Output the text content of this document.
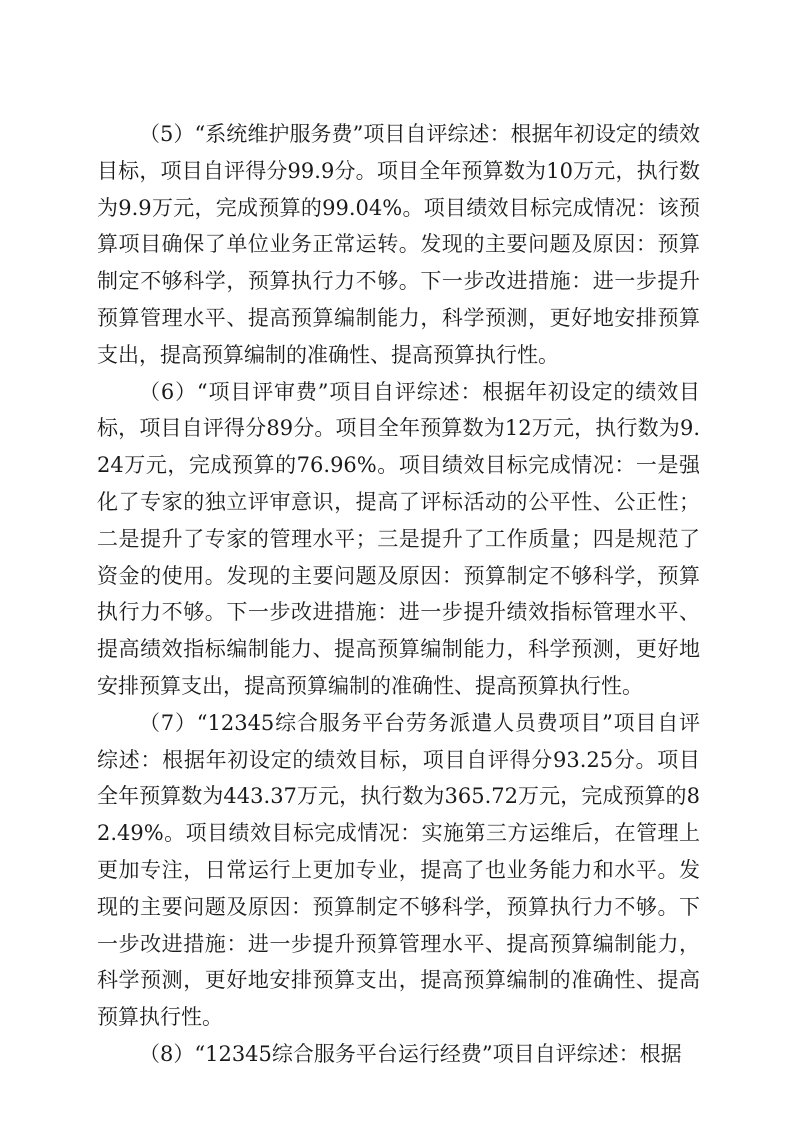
（5）“系统维护服务费”项目自评综述：根据年初设定的绩效目标，项目自评得分99.9分。项目全年预算数为10万元，执行数为9.9万元，完成预算的99.04%。项目绩效目标完成情况：该预算项目确保了单位业务正常运转。发现的主要问题及原因：预算制定不够科学，预算执行力不够。下一步改进措施：进一步提升预算管理水平、提高预算编制能力，科学预测，更好地安排预算支出，提高预算编制的准确性、提高预算执行性。

（6）“项目评审费”项目自评综述：根据年初设定的绩效目标，项目自评得分89分。项目全年预算数为12万元，执行数为9.24万元，完成预算的76.96%。项目绩效目标完成情况：一是强化了专家的独立评审意识，提高了评标活动的公平性、公正性；二是提升了专家的管理水平；三是提升了工作质量；四是规范了资金的使用。发现的主要问题及原因：预算制定不够科学，预算执行力不够。下一步改进措施：进一步提升绩效指标管理水平、提高绩效指标编制能力、提高预算编制能力，科学预测，更好地安排预算支出，提高预算编制的准确性、提高预算执行性。

（7）“12345综合服务平台劳务派遣人员费项目”项目自评综述：根据年初设定的绩效目标，项目自评得分93.25分。项目全年预算数为443.37万元，执行数为365.72万元，完成预算的82.49%。项目绩效目标完成情况：实施第三方运维后，在管理上更加专注，日常运行上更加专业，提高了也业务能力和水平。发现的主要问题及原因：预算制定不够科学，预算执行力不够。下一步改进措施：进一步提升预算管理水平、提高预算编制能力，科学预测，更好地安排预算支出，提高预算编制的准确性、提高预算执行性。

（8）“12345综合服务平台运行经费”项目自评综述：根据
